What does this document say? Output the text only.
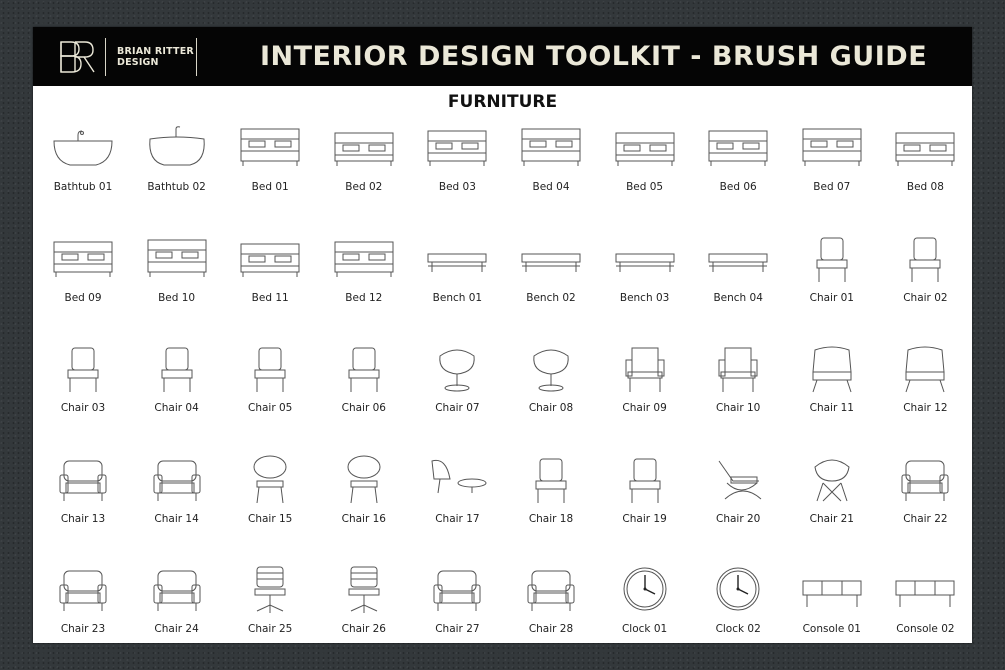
BRIAN RITTER
DESIGN	INTERIOR DESIGN TOOLKIT - BRUSH GUIDE
FURNITURE
Bathtub 01	Bathtub 02	Bed 01	Bed 02	Bed 03	Bed 04	Bed 05	Bed 06	Bed 07	Bed 08
Bed 09	Bed 10	Bed 11	Bed 12	Bench 01	Bench 02	Bench 03	Bench 04	Chair 01	Chair 02
Chair 03	Chair 04	Chair 05	Chair 06	Chair 07	Chair 08	Chair 09	Chair 10	Chair 11	Chair 12
Chair 13	Chair 14	Chair 15	Chair 16	Chair 17	Chair 18	Chair 19	Chair 20	Chair 21	Chair 22
Chair 23	Chair 24	Chair 25	Chair 26	Chair 27	Chair 28	Clock 01	Clock 02	Console 01	Console 02
